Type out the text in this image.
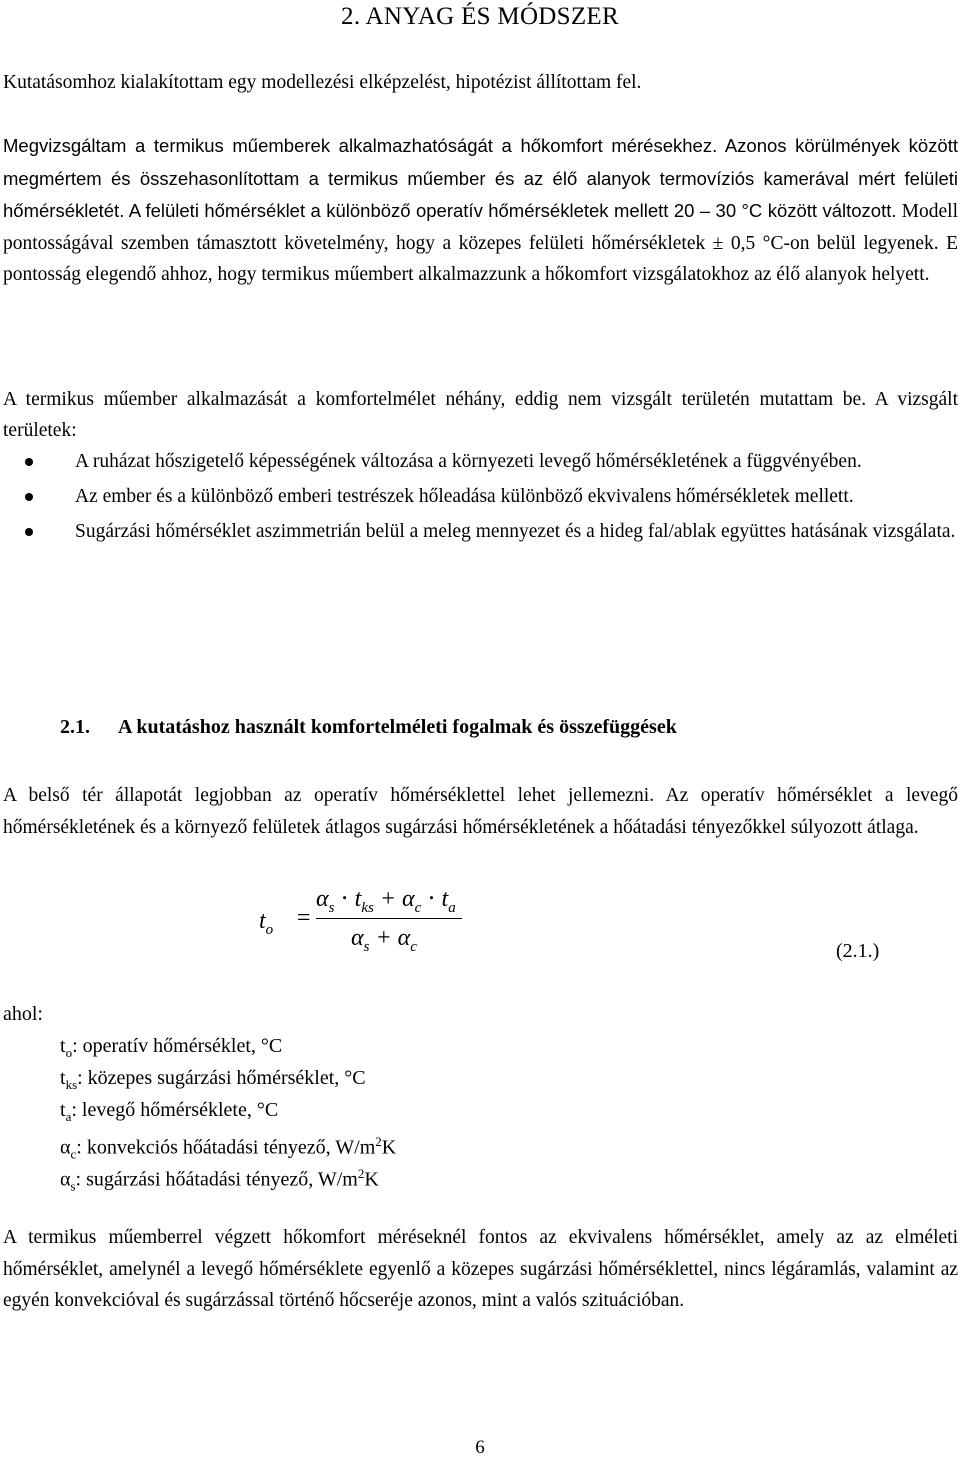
2. ANYAG ÉS MÓDSZER

Kutatásomhoz kialakítottam egy modellezési elképzelést, hipotézist állítottam fel.

Megvizsgáltam a termikus műemberek alkalmazhatóságát a hőkomfort mérésekhez. Azonos körülmények között megmértem és összehasonlítottam a termikus műember és az élő alanyok termovíziós kamerával mért felületi hőmérsékletét. A felületi hőmérséklet a különböző operatív hőmérsékletek mellett 20 – 30 °C között változott. Modell pontosságával szemben támasztott követelmény, hogy a közepes felületi hőmérsékletek ± 0,5 °C-on belül legyenek. E pontosság elegendő ahhoz, hogy termikus műembert alkalmazzunk a hőkomfort vizsgálatokhoz az élő alanyok helyett.

A termikus műember alkalmazását a komfortelmélet néhány, eddig nem vizsgált területén mutattam be. A vizsgált területek:

A ruházat hőszigetelő képességének változása a környezeti levegő hőmérsékletének a függvényében.
Az ember és a különböző emberi testrészek hőleadása különböző ekvivalens hőmérsékletek mellett.
Sugárzási hőmérséklet aszimmetrián belül a meleg mennyezet és a hideg fal/ablak együttes hatásának vizsgálata.
2.1. A kutatáshoz használt komfortelméleti fogalmak és összefüggések

A belső tér állapotát legjobban az operatív hőmérséklettel lehet jellemezni. Az operatív hőmérséklet a levegő hőmérsékletének és a környező felületek átlagos sugárzási hőmérsékletének a hőátadási tényezőkkel súlyozott átlaga.

$t_o$ =
$\alpha_s \cdot t_{ks} + \alpha_c \cdot t_a$
$\alpha_s + \alpha_c$	(2.1.)
ahol:
$t_o$: operatív hőmérséklet, °C
$t_{ks}$: közepes sugárzási hőmérséklet, °C
$t_a$: levegő hőmérséklete, °C
$\alpha_c$: konvekciós hőátadási tényező, $W/m^2K$
$\alpha_s$: sugárzási hőátadási tényező, $W/m^2K$

A termikus műemberrel végzett hőkomfort méréseknél fontos az ekvivalens hőmérséklet, amely az az elméleti hőmérséklet, amelynél a levegő hőmérséklete egyenlő a közepes sugárzási hőmérséklettel, nincs légáramlás, valamint az egyén konvekcióval és sugárzással történő hőcseréje azonos, mint a valós szituációban.

6
